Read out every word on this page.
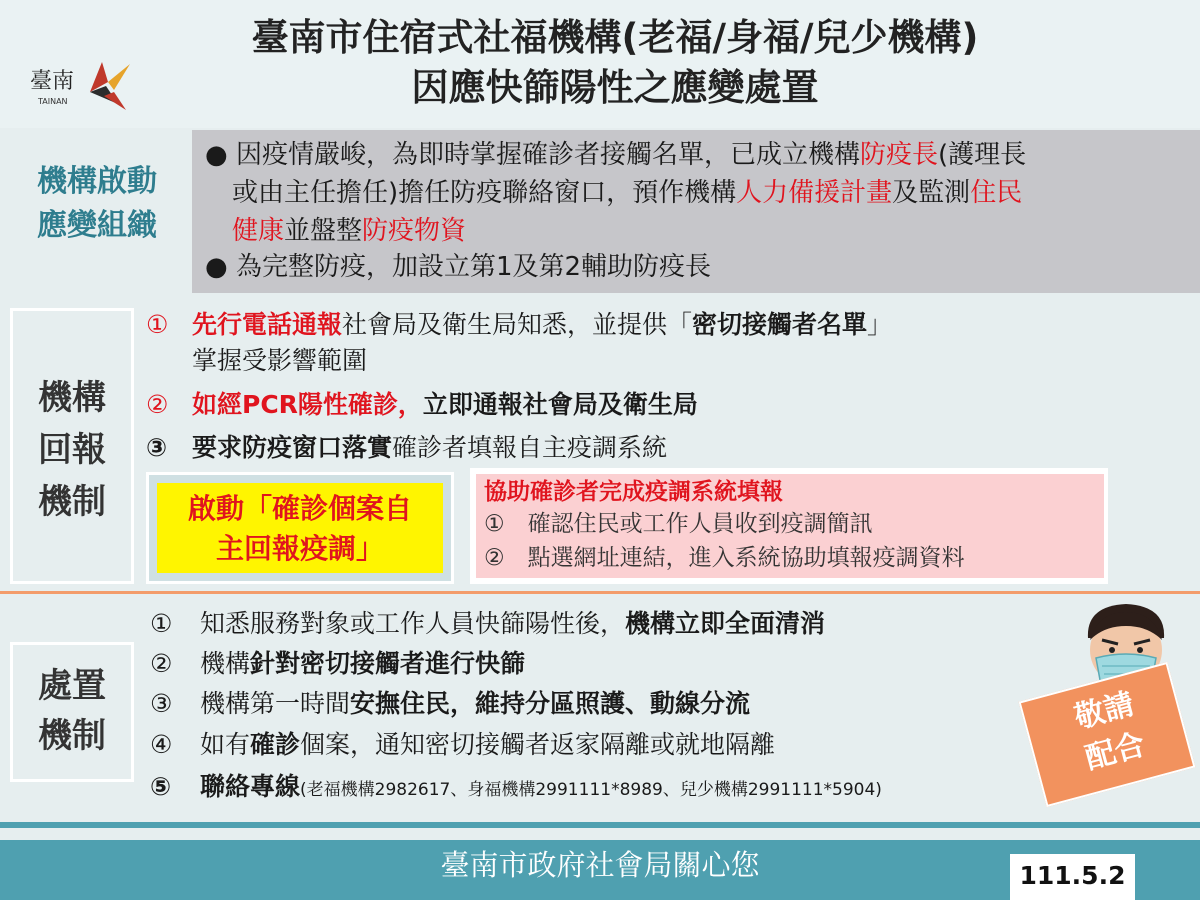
臺南
TAINAN
臺南市住宿式社福機構(老福/身福/兒少機構)
因應快篩陽性之應變處置
機構啟動
應變組織
● 因疫情嚴峻，為即時掌握確診者接觸名單，已成立機構防疫長(護理長
或由主任擔任)擔任防疫聯絡窗口，預作機構人力備援計畫及監測住民
健康並盤整防疫物資
● 為完整防疫，加設立第1及第2輔助防疫長
機構
回報
機制
① 先行電話通報社會局及衛生局知悉，並提供「密切接觸者名單」
掌握受影響範圍
② 如經PCR陽性確診，立即通報社會局及衛生局
③ 要求防疫窗口落實確診者填報自主疫調系統
啟動「確診個案自
主回報疫調」
協助確診者完成疫調系統填報
①　確認住民或工作人員收到疫調簡訊
②　點選網址連結，進入系統協助填報疫調資料
處置
機制
① 知悉服務對象或工作人員快篩陽性後，機構立即全面清消
② 機構針對密切接觸者進行快篩
③ 機構第一時間安撫住民，維持分區照護、動線分流
④ 如有確診個案，通知密切接觸者返家隔離或就地隔離
⑤ 聯絡專線(老福機構2982617、身福機構2991111*8989、兒少機構2991111*5904)
敬請
配合
臺南市政府社會局關心您	111.5.2
